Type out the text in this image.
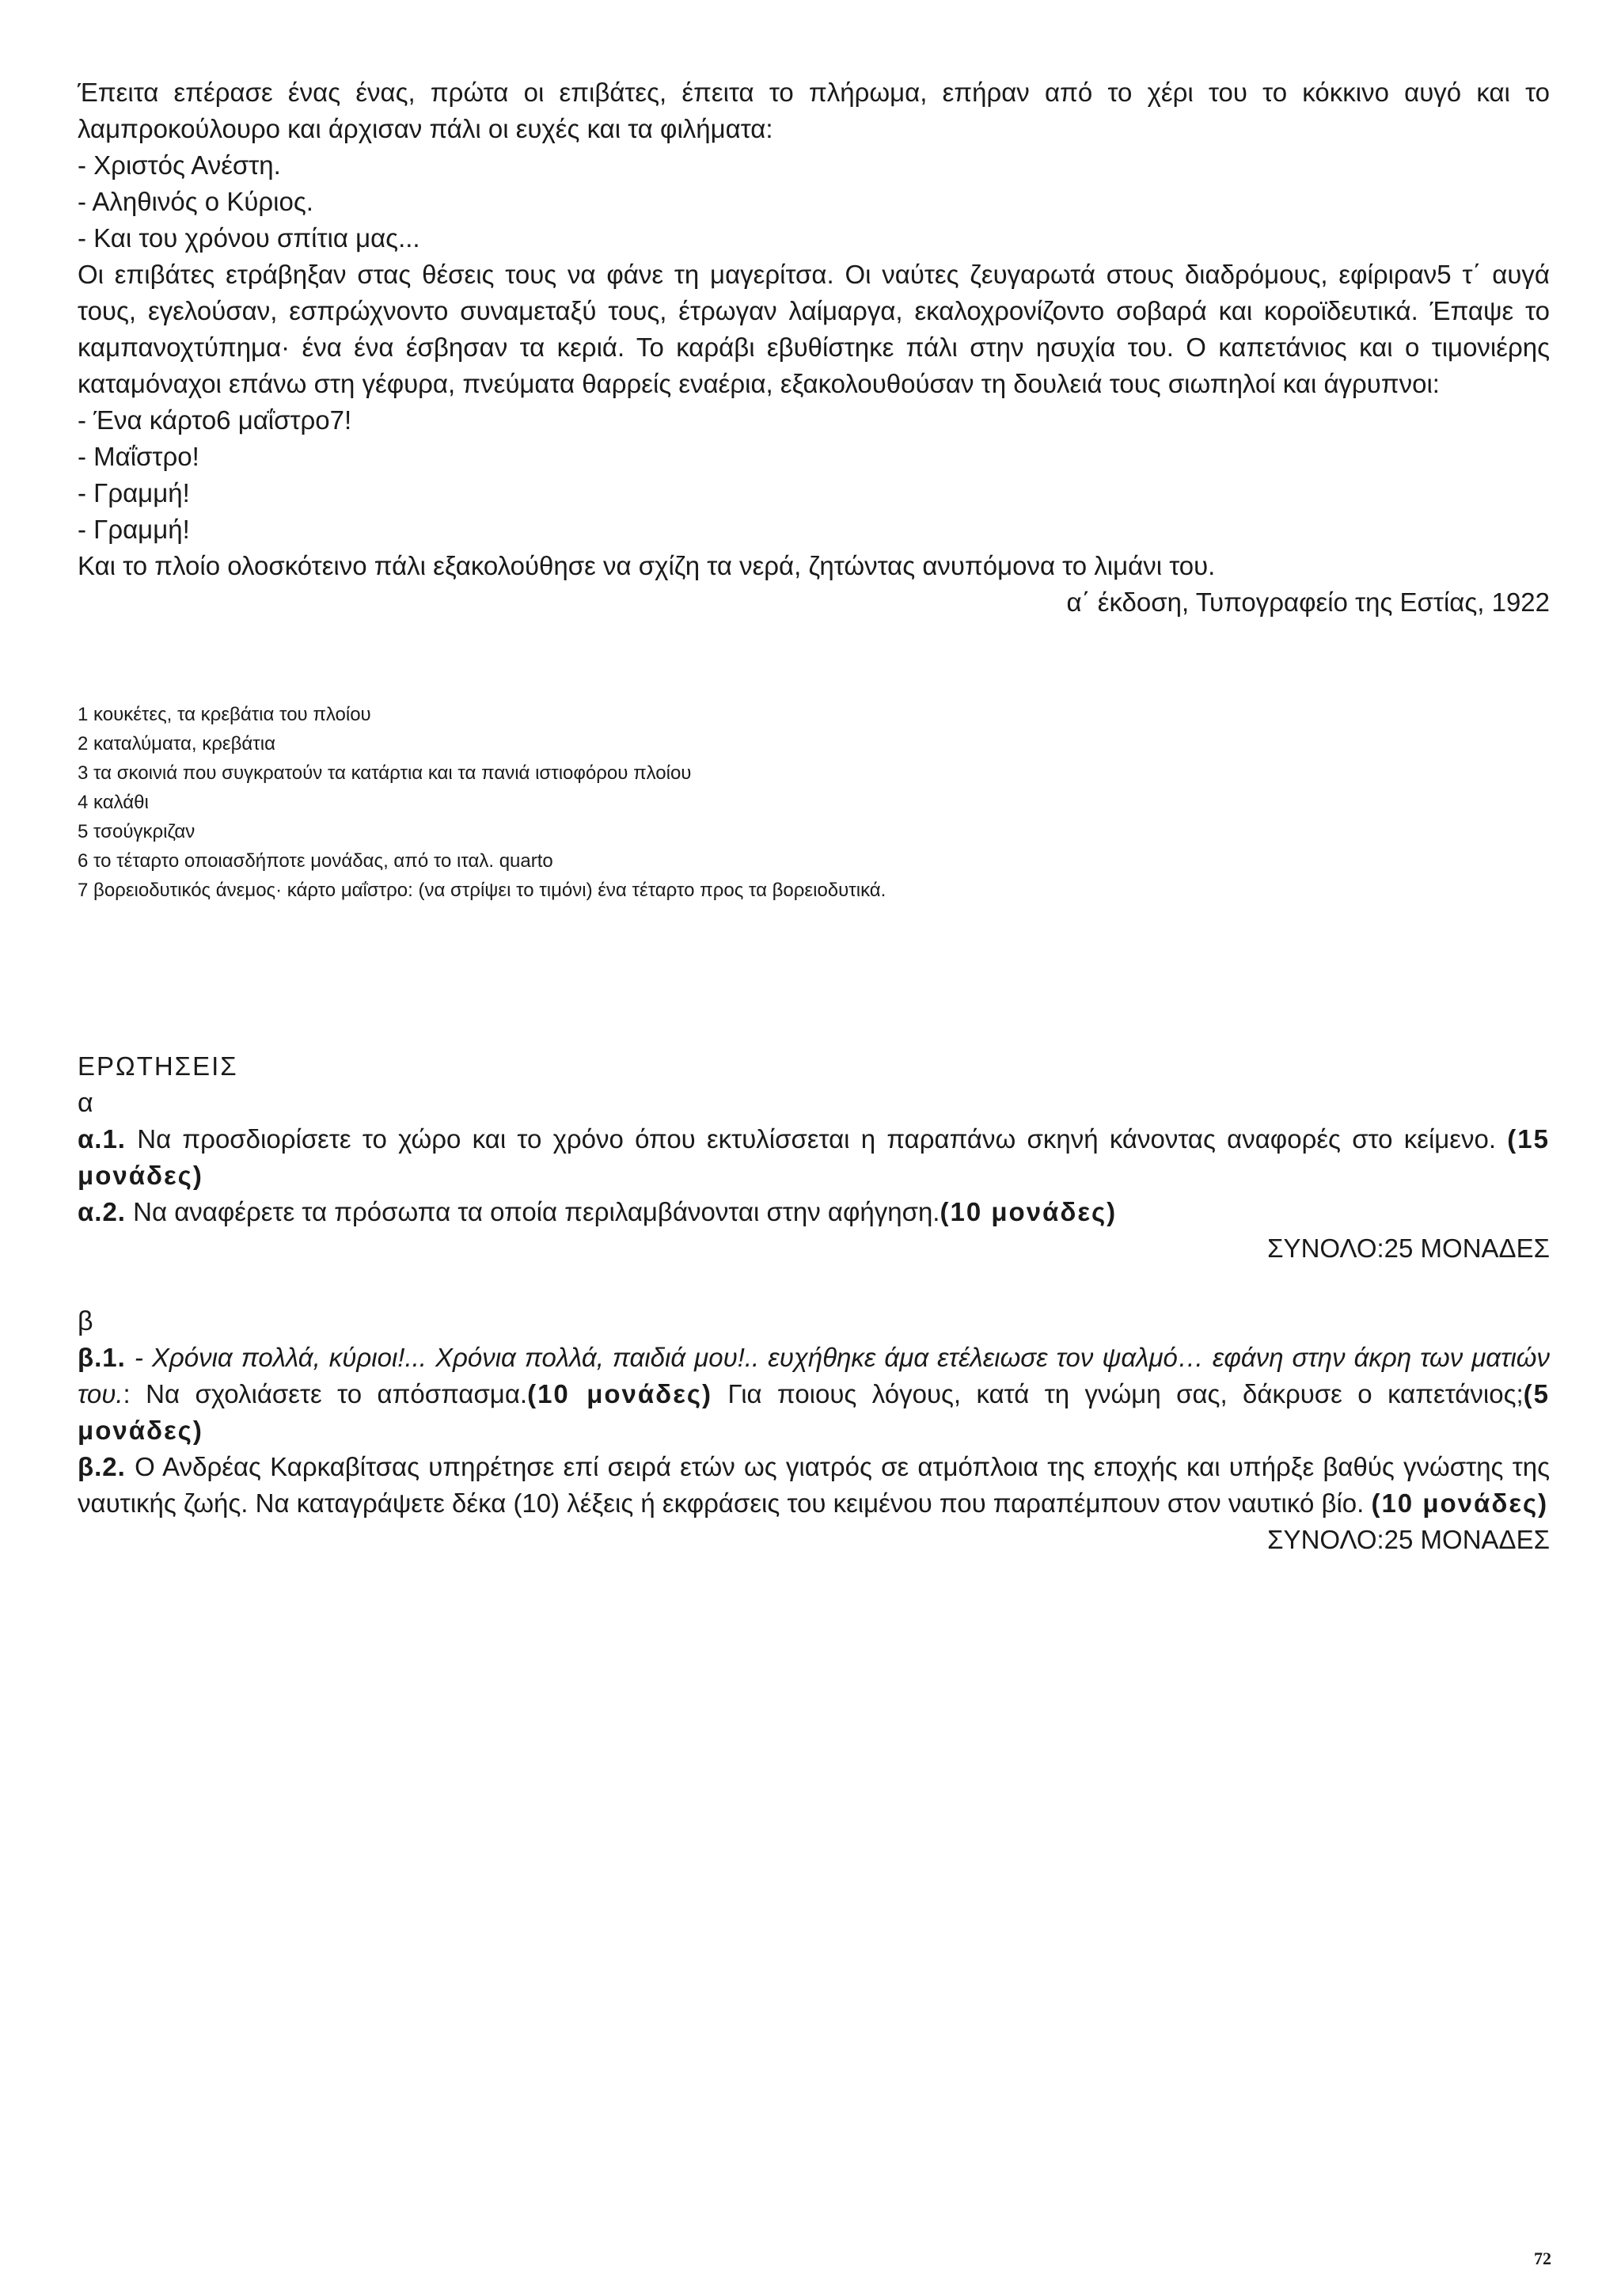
Έπειτα επέρασε ένας ένας, πρώτα οι επιβάτες, έπειτα το πλήρωμα, επήραν από το χέρι του το κόκκινο αυγό και το λαμπροκούλουρο και άρχισαν πάλι οι ευχές και τα φιλήματα:

- Χριστός Ανέστη.

- Αληθινός ο Κύριος.

- Και του χρόνου σπίτια μας...

Οι επιβάτες ετράβηξαν στας θέσεις τους να φάνε τη μαγερίτσα. Οι ναύτες ζευγαρωτά στους διαδρόμους, εφίριραν5 τ΄ αυγά τους, εγελούσαν, εσπρώχνοντο συναμεταξύ τους, έτρωγαν λαίμαργα, εκαλοχρονίζοντο σοβαρά και κοροϊδευτικά. Έπαψε το καμπανοχτύπημα· ένα ένα έσβησαν τα κεριά. Το καράβι εβυθίστηκε πάλι στην ησυχία του. Ο καπετάνιος και ο τιμονιέρης καταμόναχοι επάνω στη γέφυρα, πνεύματα θαρρείς εναέρια, εξακολουθούσαν τη δουλειά τους σιωπηλοί και άγρυπνοι:

- Ένα κάρτο6 μαΐστρο7!

- Μαΐστρο!

- Γραμμή!

- Γραμμή!

Και το πλοίο ολοσκότεινο πάλι εξακολούθησε να σχίζη τα νερά, ζητώντας ανυπόμονα το λιμάνι του.

α΄ έκδοση, Τυπογραφείο της Εστίας, 1922

1 κουκέτες, τα κρεβάτια του πλοίου

2 καταλύματα, κρεβάτια

3 τα σκοινιά που συγκρατούν τα κατάρτια και τα πανιά ιστιοφόρου πλοίου

4 καλάθι

5 τσούγκριζαν

6 το τέταρτο οποιασδήποτε μονάδας, από το ιταλ. quarto

7 βορειοδυτικός άνεμος· κάρτο μαΐστρο: (να στρίψει το τιμόνι) ένα τέταρτο προς τα βορειοδυτικά.

ΕΡΩΤΗΣΕΙΣ

α

α.1. Να προσδιορίσετε το χώρο και το χρόνο όπου εκτυλίσσεται η παραπάνω σκηνή κάνοντας αναφορές στο κείμενο. (15 μονάδες)

α.2. Να αναφέρετε τα πρόσωπα τα οποία περιλαμβάνονται στην αφήγηση.(10 μονάδες)

ΣΥΝΟΛΟ:25 ΜΟΝΑΔΕΣ

β

β.1. - Χρόνια πολλά, κύριοι!... Χρόνια πολλά, παιδιά μου!.. ευχήθηκε άμα ετέλειωσε τον ψαλμό… εφάνη στην άκρη των ματιών του.: Να σχολιάσετε το απόσπασμα.(10 μονάδες) Για ποιους λόγους, κατά τη γνώμη σας, δάκρυσε ο καπετάνιος;(5 μονάδες)

β.2. Ο Ανδρέας Καρκαβίτσας υπηρέτησε επί σειρά ετών ως γιατρός σε ατμόπλοια της εποχής και υπήρξε βαθύς γνώστης της ναυτικής ζωής. Να καταγράψετε δέκα (10) λέξεις ή εκφράσεις του κειμένου που παραπέμπουν στον ναυτικό βίο. (10 μονάδες)

ΣΥΝΟΛΟ:25 ΜΟΝΑΔΕΣ

72
